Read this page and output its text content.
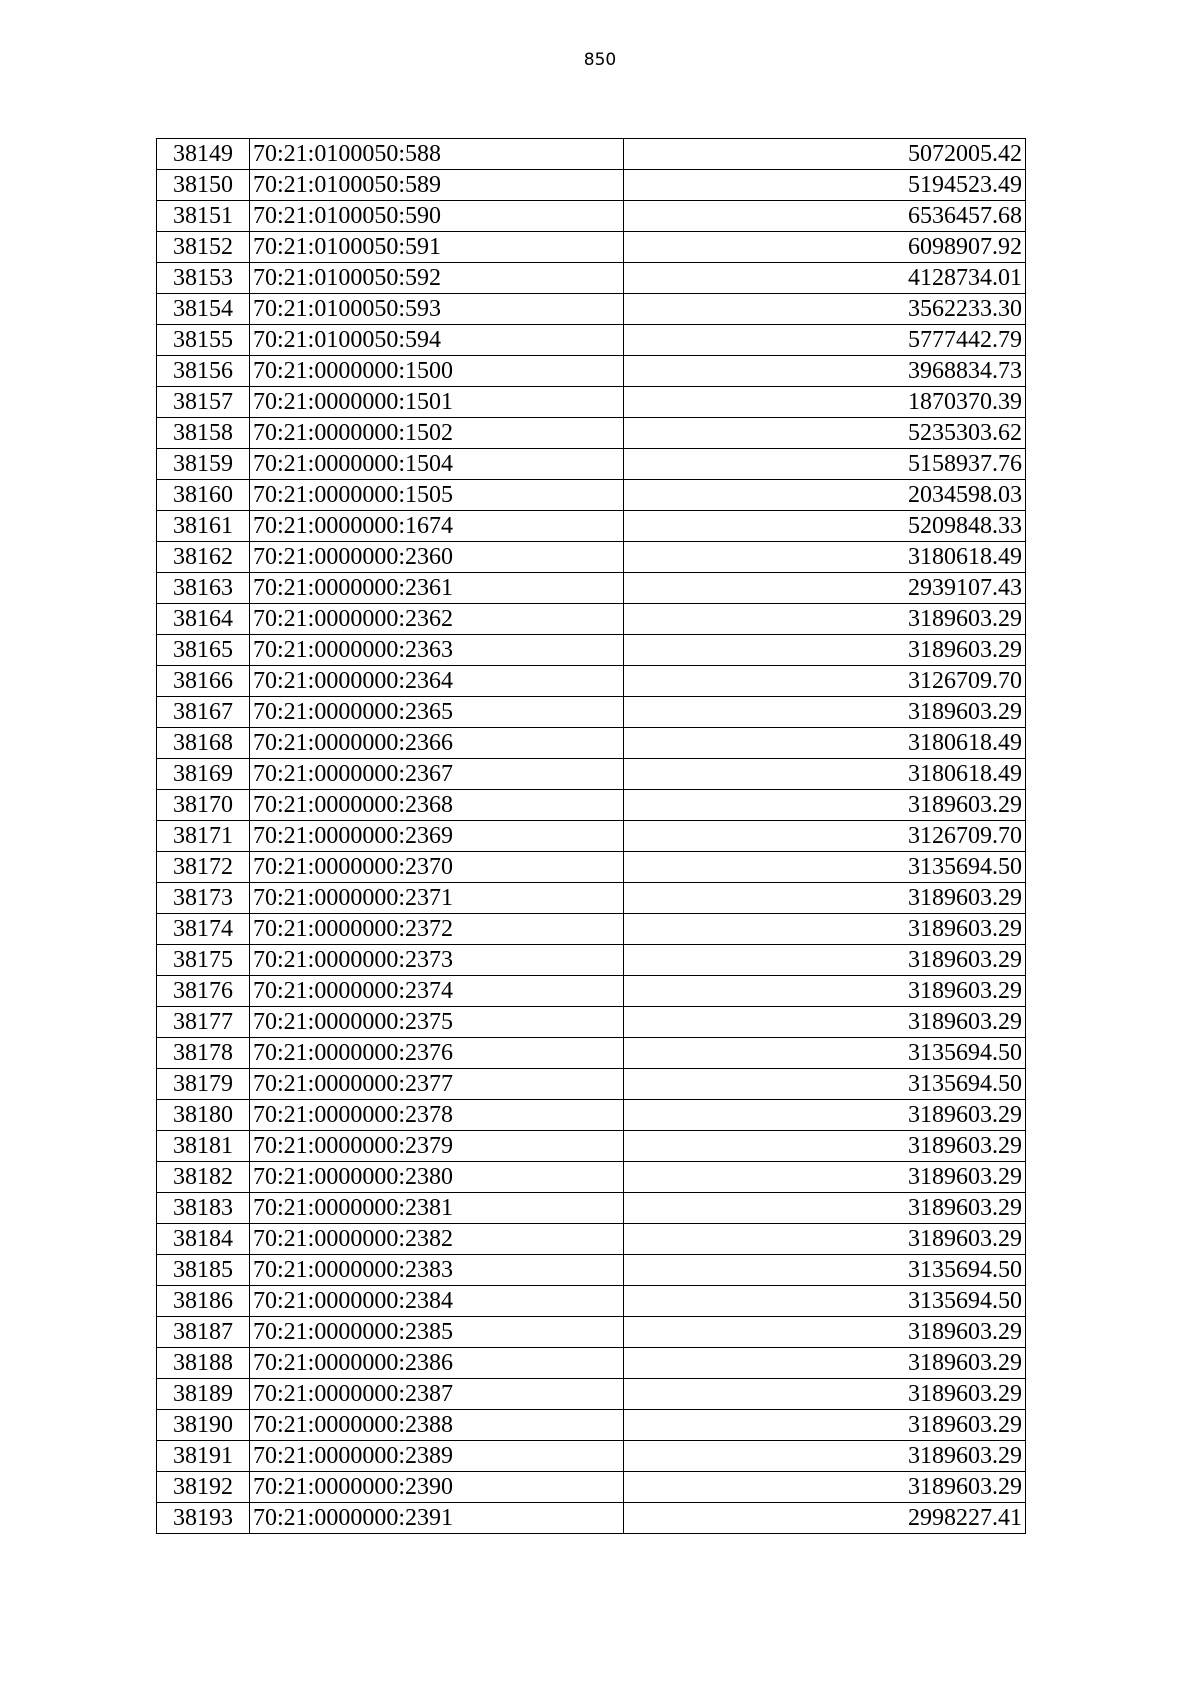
850
38149	70:21:0100050:588	5072005.42
38150	70:21:0100050:589	5194523.49
38151	70:21:0100050:590	6536457.68
38152	70:21:0100050:591	6098907.92
38153	70:21:0100050:592	4128734.01
38154	70:21:0100050:593	3562233.30
38155	70:21:0100050:594	5777442.79
38156	70:21:0000000:1500	3968834.73
38157	70:21:0000000:1501	1870370.39
38158	70:21:0000000:1502	5235303.62
38159	70:21:0000000:1504	5158937.76
38160	70:21:0000000:1505	2034598.03
38161	70:21:0000000:1674	5209848.33
38162	70:21:0000000:2360	3180618.49
38163	70:21:0000000:2361	2939107.43
38164	70:21:0000000:2362	3189603.29
38165	70:21:0000000:2363	3189603.29
38166	70:21:0000000:2364	3126709.70
38167	70:21:0000000:2365	3189603.29
38168	70:21:0000000:2366	3180618.49
38169	70:21:0000000:2367	3180618.49
38170	70:21:0000000:2368	3189603.29
38171	70:21:0000000:2369	3126709.70
38172	70:21:0000000:2370	3135694.50
38173	70:21:0000000:2371	3189603.29
38174	70:21:0000000:2372	3189603.29
38175	70:21:0000000:2373	3189603.29
38176	70:21:0000000:2374	3189603.29
38177	70:21:0000000:2375	3189603.29
38178	70:21:0000000:2376	3135694.50
38179	70:21:0000000:2377	3135694.50
38180	70:21:0000000:2378	3189603.29
38181	70:21:0000000:2379	3189603.29
38182	70:21:0000000:2380	3189603.29
38183	70:21:0000000:2381	3189603.29
38184	70:21:0000000:2382	3189603.29
38185	70:21:0000000:2383	3135694.50
38186	70:21:0000000:2384	3135694.50
38187	70:21:0000000:2385	3189603.29
38188	70:21:0000000:2386	3189603.29
38189	70:21:0000000:2387	3189603.29
38190	70:21:0000000:2388	3189603.29
38191	70:21:0000000:2389	3189603.29
38192	70:21:0000000:2390	3189603.29
38193	70:21:0000000:2391	2998227.41
